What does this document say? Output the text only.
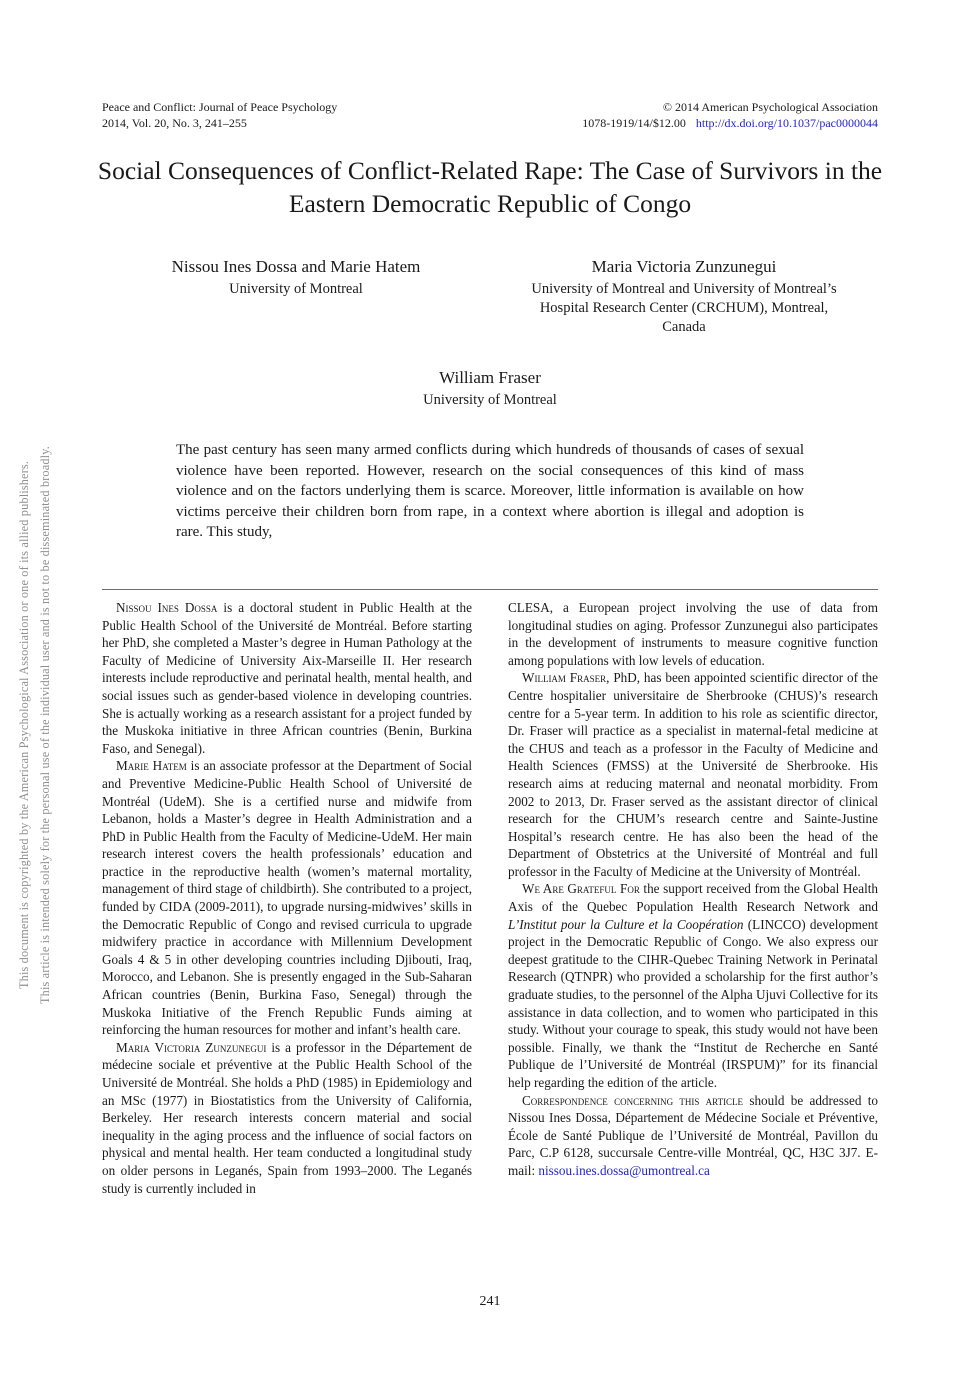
This document is copyrighted by the American Psychological Association or one of its allied publishers. This article is intended solely for the personal use of the individual user and is not to be disseminated broadly.
Peace and Conflict: Journal of Peace Psychology
2014, Vol. 20, No. 3, 241–255
© 2014 American Psychological Association
1078-1919/14/$12.00 http://dx.doi.org/10.1037/pac0000044
Social Consequences of Conflict-Related Rape: The Case of Survivors in the Eastern Democratic Republic of Congo
Nissou Ines Dossa and Marie Hatem
University of Montreal
Maria Victoria Zunzunegui
University of Montreal and University of Montreal’s Hospital Research Center (CRCHUM), Montreal, Canada
William Fraser
University of Montreal
The past century has seen many armed conflicts during which hundreds of thousands of cases of sexual violence have been reported. However, research on the social consequences of this kind of mass violence and on the factors underlying them is scarce. Moreover, little information is available on how victims perceive their children born from rape, in a context where abortion is illegal and adoption is rare. This study,

Nissou Ines Dossa is a doctoral student in Public Health at the Public Health School of the Université de Montréal. Before starting her PhD, she completed a Master’s degree in Human Pathology at the Faculty of Medicine of University Aix-Marseille II. Her research interests include reproductive and perinatal health, mental health, and social issues such as gender-based violence in developing countries. She is actually working as a research assistant for a project funded by the Muskoka initiative in three African countries (Benin, Burkina Faso, and Senegal).

Marie Hatem is an associate professor at the Department of Social and Preventive Medicine-Public Health School of Université de Montréal (UdeM). She is a certified nurse and midwife from Lebanon, holds a Master’s degree in Health Administration and a PhD in Public Health from the Faculty of Medicine-UdeM. Her main research interest covers the health professionals’ education and practice in the reproductive health (women’s maternal mortality, management of third stage of childbirth). She contributed to a project, funded by CIDA (2009-2011), to upgrade nursing-midwives’ skills in the Democratic Republic of Congo and revised curricula to upgrade midwifery practice in accordance with Millennium Development Goals 4 & 5 in other developing countries including Djibouti, Iraq, Morocco, and Lebanon. She is presently engaged in the Sub-Saharan African countries (Benin, Burkina Faso, Senegal) through the Muskoka Initiative of the French Republic Funds aiming at reinforcing the human resources for mother and infant’s health care.

Maria Victoria Zunzunegui is a professor in the Département de médecine sociale et préventive at the Public Health School of the Université de Montréal. She holds a PhD (1985) in Epidemiology and an MSc (1977) in Biostatistics from the University of California, Berkeley. Her research interests concern material and social inequality in the aging process and the influence of social factors on physical and mental health. Her team conducted a longitudinal study on older persons in Leganés, Spain from 1993–2000. The Leganés study is currently included in

CLESA, a European project involving the use of data from longitudinal studies on aging. Professor Zunzunegui also participates in the development of instruments to measure cognitive function among populations with low levels of education.

William Fraser, PhD, has been appointed scientific director of the Centre hospitalier universitaire de Sherbrooke (CHUS)’s research centre for a 5-year term. In addition to his role as scientific director, Dr. Fraser will practice as a specialist in maternal-fetal medicine at the CHUS and teach as a professor in the Faculty of Medicine and Health Sciences (FMSS) at the Université de Sherbrooke. His research aims at reducing maternal and neonatal morbidity. From 2002 to 2013, Dr. Fraser served as the assistant director of clinical research for the CHUM’s research centre and Sainte-Justine Hospital’s research centre. He has also been the head of the Department of Obstetrics at the Université of Montréal and full professor in the Faculty of Medicine at the University of Montréal.

We Are Grateful For the support received from the Global Health Axis of the Quebec Population Health Research Network and L’Institut pour la Culture et la Coopération (LINCCO) development project in the Democratic Republic of Congo. We also express our deepest gratitude to the CIHR-Quebec Training Network in Perinatal Research (QTNPR) who provided a scholarship for the first author’s graduate studies, to the personnel of the Alpha Ujuvi Collective for its assistance in data collection, and to women who participated in this study. Without your courage to speak, this study would not have been possible. Finally, we thank the “Institut de Recherche en Santé Publique de l’Université de Montréal (IRSPUM)” for its financial help regarding the edition of the article.

Correspondence concerning this article should be addressed to Nissou Ines Dossa, Département de Médecine Sociale et Préventive, École de Santé Publique de l’Université de Montréal, Pavillon du Parc, C.P 6128, succursale Centre-ville Montréal, QC, H3C 3J7. E-mail: nissou.ines.dossa@umontreal.ca

241
